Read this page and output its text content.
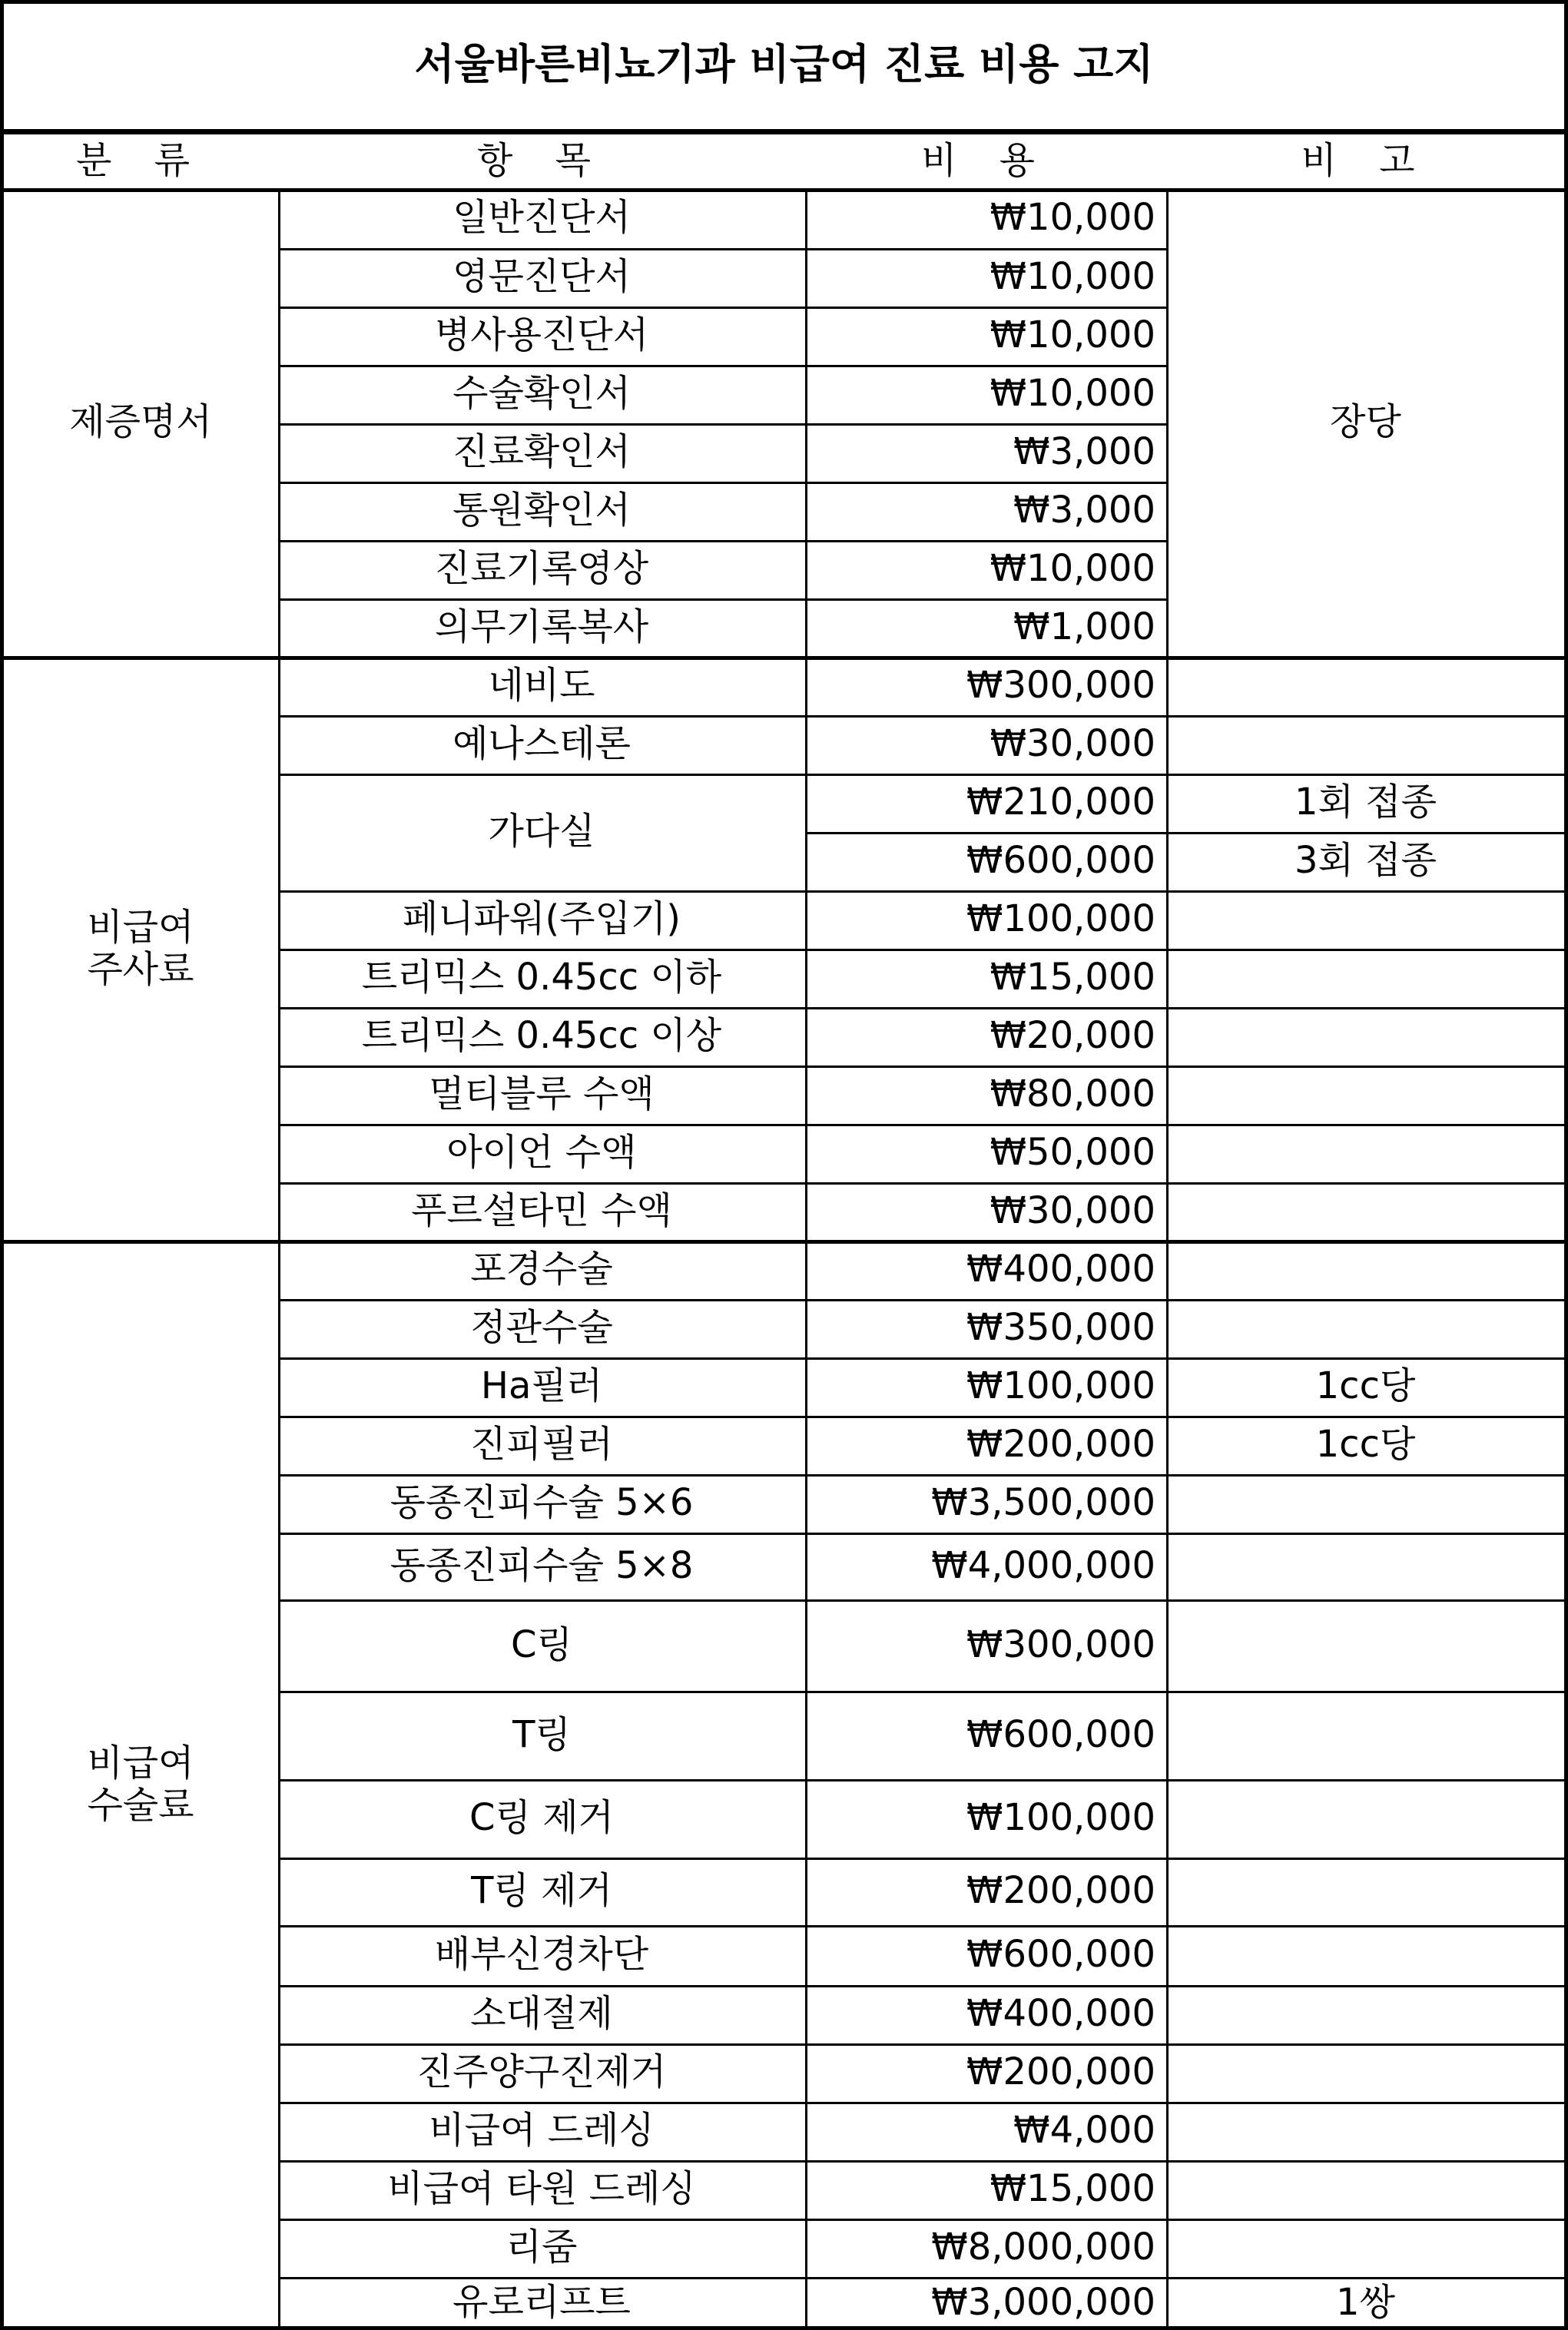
서울바른비뇨기과 비급여 진료 비용 고지
분 류	항 목	비 용	비 고
제증명서
일반진단서	₩10,000
영문진단서	₩10,000
병사용진단서	₩10,000
수술확인서	₩10,000
진료확인서	₩3,000
통원확인서	₩3,000
진료기록영상	₩10,000
의무기록복사	₩1,000
장당
비급여
주사료
네비도	₩300,000
예나스테론	₩30,000
가다실
₩210,000	1회 접종
₩600,000	3회 접종
페니파워(주입기)	₩100,000
트리믹스 0.45cc 이하	₩15,000
트리믹스 0.45cc 이상	₩20,000
멀티블루 수액	₩80,000
아이언 수액	₩50,000
푸르설타민 수액	₩30,000
비급여
수술료
포경수술	₩400,000
정관수술	₩350,000
Ha필러	₩100,000	1cc당
진피필러	₩200,000	1cc당
동종진피수술 5×6	₩3,500,000
동종진피수술 5×8	₩4,000,000
C링	₩300,000
T링	₩600,000
C링 제거	₩100,000
T링 제거	₩200,000
배부신경차단	₩600,000
소대절제	₩400,000
진주양구진제거	₩200,000
비급여 드레싱	₩4,000
비급여 타원 드레싱	₩15,000
리줌	₩8,000,000
유로리프트	₩3,000,000	1쌍
